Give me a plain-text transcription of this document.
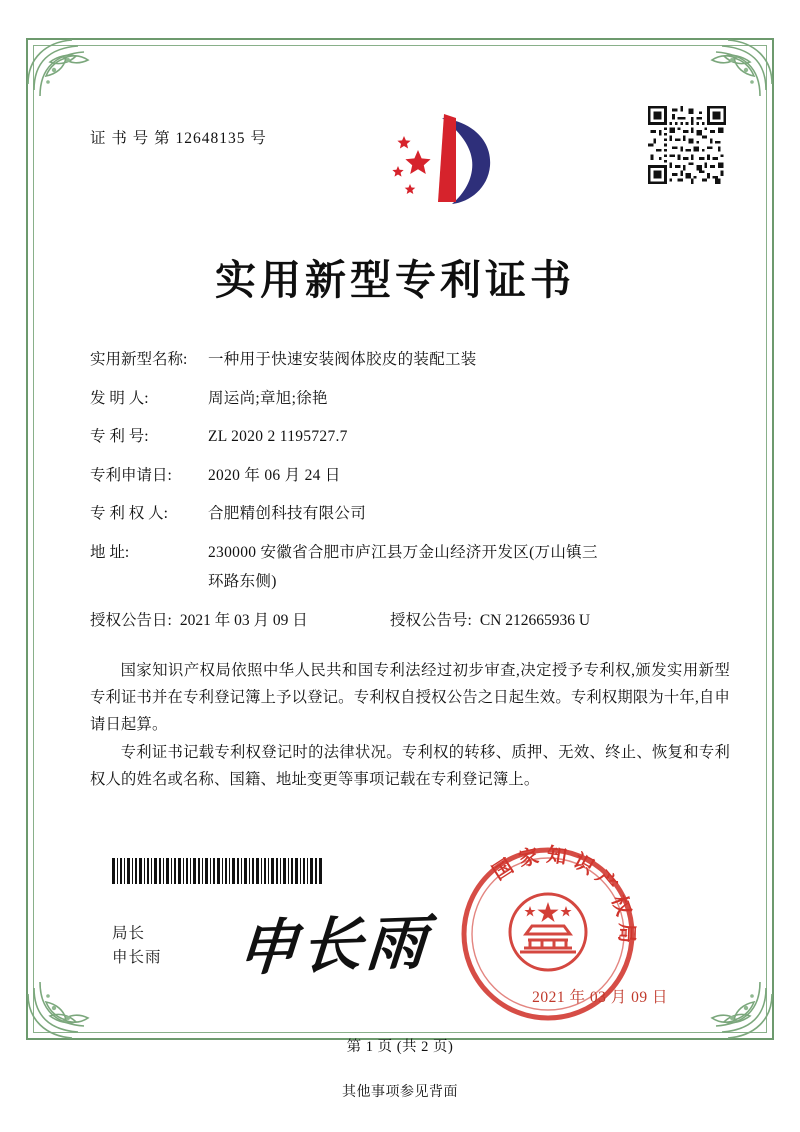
证 书 号 第 12648135 号
实用新型专利证书
实用新型名称:	一种用于快速安装阀体胶皮的装配工装
发 明 人:	周运尚;章旭;徐艳
专 利 号:	ZL 2020 2 1195727.7
专利申请日:	2020 年 06 月 24 日
专 利 权 人:	合肥精创科技有限公司
地 址:	230000 安徽省合肥市庐江县万金山经济开发区(万山镇三
环路东侧)
授权公告日: 2021 年 03 月 09 日	授权公告号: CN 212665936 U

国家知识产权局依照中华人民共和国专利法经过初步审查,决定授予专利权,颁发实用新型专利证书并在专利登记簿上予以登记。专利权自授权公告之日起生效。专利权期限为十年,自申请日起算。

专利证书记载专利权登记时的法律状况。专利权的转移、质押、无效、终止、恢复和专利权人的姓名或名称、国籍、地址变更等事项记载在专利登记簿上。

局长
申长雨 申长雨
国家知识产权局
2021 年 03 月 09 日
第 1 页 (共 2 页)
其他事项参见背面
